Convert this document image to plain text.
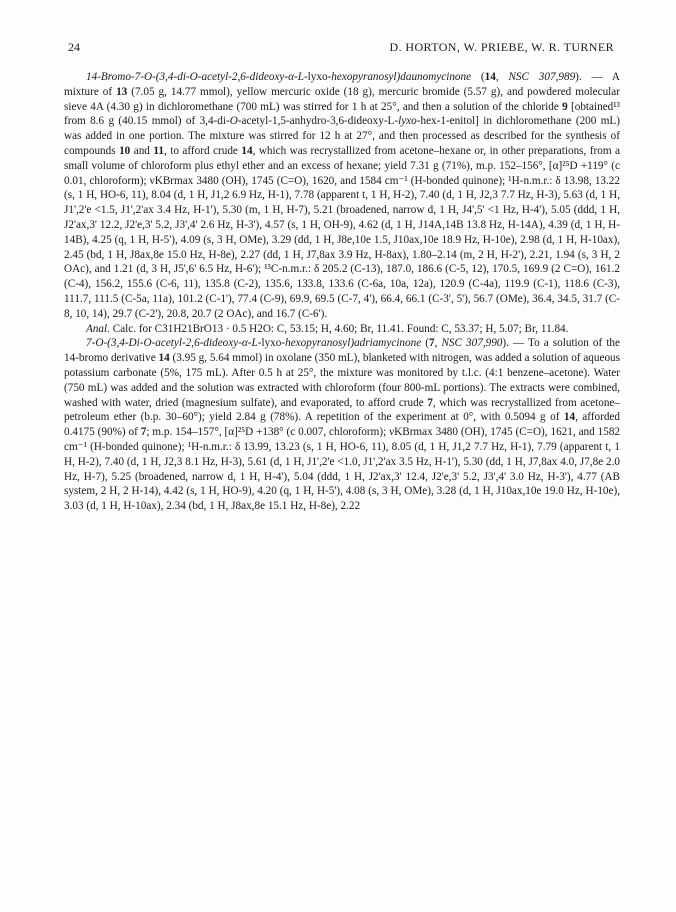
24	D. HORTON, W. PRIEBE, W. R. TURNER

14-Bromo-7-O-(3,4-di-O-acetyl-2,6-dideoxy-α-L-lyxo-hexopyranosyl)daunomycinone (14, NSC 307,989). — A mixture of 13 (7.05 g, 14.77 mmol), yellow mercuric oxide (18 g), mercuric bromide (5.57 g), and powdered molecular sieve 4A (4.30 g) in dichloromethane (700 mL) was stirred for 1 h at 25°, and then a solution of the chloride 9 [obtained¹³ from 8.6 g (40.15 mmol) of 3,4-di-O-acetyl-1,5-anhydro-3,6-dideoxy-L-lyxo-hex-1-enitol] in dichloromethane (200 mL) was added in one portion. The mixture was stirred for 12 h at 27°, and then processed as described for the synthesis of compounds 10 and 11, to afford crude 14, which was recrystallized from acetone–hexane or, in other preparations, from a small volume of chloroform plus ethyl ether and an excess of hexane; yield 7.31 g (71%), m.p. 152–156°, [α]²⁵D +119° (c 0.01, chloroform); νKBrmax 3480 (OH), 1745 (C=O), 1620, and 1584 cm⁻¹ (H-bonded quinone); ¹H-n.m.r.: δ 13.98, 13.22 (s, 1 H, HO-6, 11), 8.04 (d, 1 H, J1,2 6.9 Hz, H-1), 7.78 (apparent t, 1 H, H-2), 7.40 (d, 1 H, J2,3 7.7 Hz, H-3), 5.63 (d, 1 H, J1',2'e <1.5, J1',2'ax 3.4 Hz, H-1'), 5.30 (m, 1 H, H-7), 5.21 (broadened, narrow d, 1 H, J4',5' <1 Hz, H-4'), 5.05 (ddd, 1 H, J2'ax,3' 12.2, J2'e,3' 5.2, J3',4' 2.6 Hz, H-3'), 4.57 (s, 1 H, OH-9), 4.62 (d, 1 H, J14A,14B 13.8 Hz, H-14A), 4.39 (d, 1 H, H-14B), 4.25 (q, 1 H, H-5'), 4.09 (s, 3 H, OMe), 3.29 (dd, 1 H, J8e,10e 1.5, J10ax,10e 18.9 Hz, H-10e), 2.98 (d, 1 H, H-10ax), 2.45 (bd, 1 H, J8ax,8e 15.0 Hz, H-8e), 2.27 (dd, 1 H, J7,8ax 3.9 Hz, H-8ax), 1.80–2.14 (m, 2 H, H-2'), 2.21, 1.94 (s, 3 H, 2 OAc), and 1.21 (d, 3 H, J5',6' 6.5 Hz, H-6'); ¹³C-n.m.r.: δ 205.2 (C-13), 187.0, 186.6 (C-5, 12), 170.5, 169.9 (2 C=O), 161.2 (C-4), 156.2, 155.6 (C-6, 11), 135.8 (C-2), 135.6, 133.8, 133.6 (C-6a, 10a, 12a), 120.9 (C-4a), 119.9 (C-1), 118.6 (C-3), 111.7, 111.5 (C-5a, 11a), 101.2 (C-1'), 77.4 (C-9), 69.9, 69.5 (C-7, 4'), 66.4, 66.1 (C-3', 5'), 56.7 (OMe), 36.4, 34.5, 31.7 (C-8, 10, 14), 29.7 (C-2'), 20.8, 20.7 (2 OAc), and 16.7 (C-6').

Anal. Calc. for C31H21BrO13 · 0.5 H2O: C, 53.15; H, 4.60; Br, 11.41. Found: C, 53.37; H, 5.07; Br, 11.84.

7-O-(3,4-Di-O-acetyl-2,6-dideoxy-α-L-lyxo-hexopyranosyl)adriamycinone (7, NSC 307,990). — To a solution of the 14-bromo derivative 14 (3.95 g, 5.64 mmol) in oxolane (350 mL), blanketed with nitrogen, was added a solution of aqueous potassium carbonate (5%, 175 mL). After 0.5 h at 25°, the mixture was monitored by t.l.c. (4:1 benzene–acetone). Water (750 mL) was added and the solution was extracted with chloroform (four 800-mL portions). The extracts were combined, washed with water, dried (magnesium sulfate), and evaporated, to afford crude 7, which was recrystallized from acetone–petroleum ether (b.p. 30–60°); yield 2.84 g (78%). A repetition of the experiment at 0°, with 0.5094 g of 14, afforded 0.4175 (90%) of 7; m.p. 154–157°, [α]²⁵D +138° (c 0.007, chloroform); νKBrmax 3480 (OH), 1745 (C=O), 1621, and 1582 cm⁻¹ (H-bonded quinone); ¹H-n.m.r.: δ 13.99, 13.23 (s, 1 H, HO-6, 11), 8.05 (d, 1 H, J1,2 7.7 Hz, H-1), 7.79 (apparent t, 1 H, H-2), 7.40 (d, 1 H, J2,3 8.1 Hz, H-3), 5.61 (d, 1 H, J1',2'e <1.0, J1',2'ax 3.5 Hz, H-1'), 5.30 (dd, 1 H, J7,8ax 4.0, J7,8e 2.0 Hz, H-7), 5.25 (broadened, narrow d, 1 H, H-4'), 5.04 (ddd, 1 H, J2'ax,3' 12.4, J2'e,3' 5.2, J3',4' 3.0 Hz, H-3'), 4.77 (AB system, 2 H, 2 H-14), 4.42 (s, 1 H, HO-9), 4.20 (q, 1 H, H-5'), 4.08 (s, 3 H, OMe), 3.28 (d, 1 H, J10ax,10e 19.0 Hz, H-10e), 3.03 (d, 1 H, H-10ax), 2.34 (bd, 1 H, J8ax,8e 15.1 Hz, H-8e), 2.22
